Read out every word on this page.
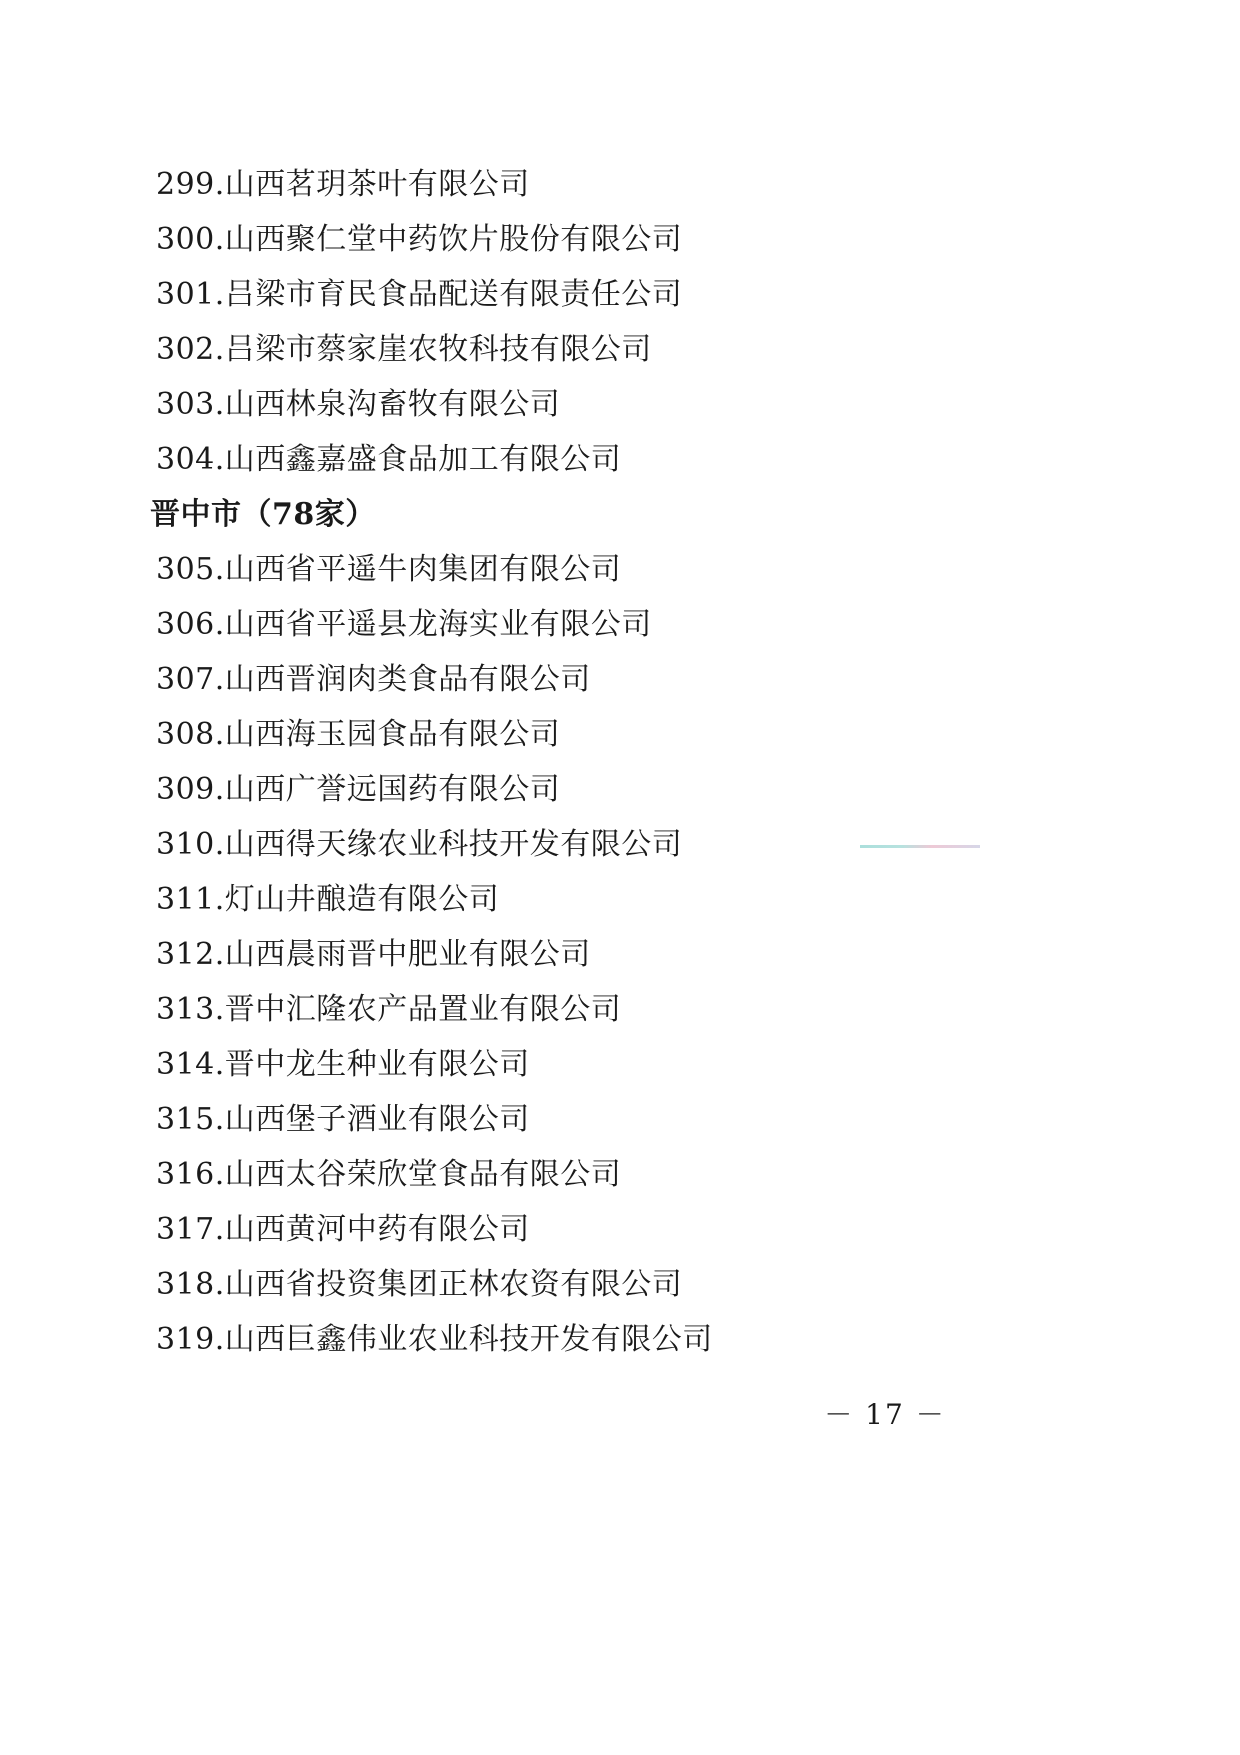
299.山西茗玥茶叶有限公司

300.山西聚仁堂中药饮片股份有限公司

301.吕梁市育民食品配送有限责任公司

302.吕梁市蔡家崖农牧科技有限公司

303.山西林泉沟畜牧有限公司

304.山西鑫嘉盛食品加工有限公司

晋中市（78家）

305.山西省平遥牛肉集团有限公司

306.山西省平遥县龙海实业有限公司

307.山西晋润肉类食品有限公司

308.山西海玉园食品有限公司

309.山西广誉远国药有限公司

310.山西得天缘农业科技开发有限公司

311.灯山井酿造有限公司

312.山西晨雨晋中肥业有限公司

313.晋中汇隆农产品置业有限公司

314.晋中龙生种业有限公司

315.山西堡子酒业有限公司

316.山西太谷荣欣堂食品有限公司

317.山西黄河中药有限公司

318.山西省投资集团正林农资有限公司

319.山西巨鑫伟业农业科技开发有限公司

－ 17 －
